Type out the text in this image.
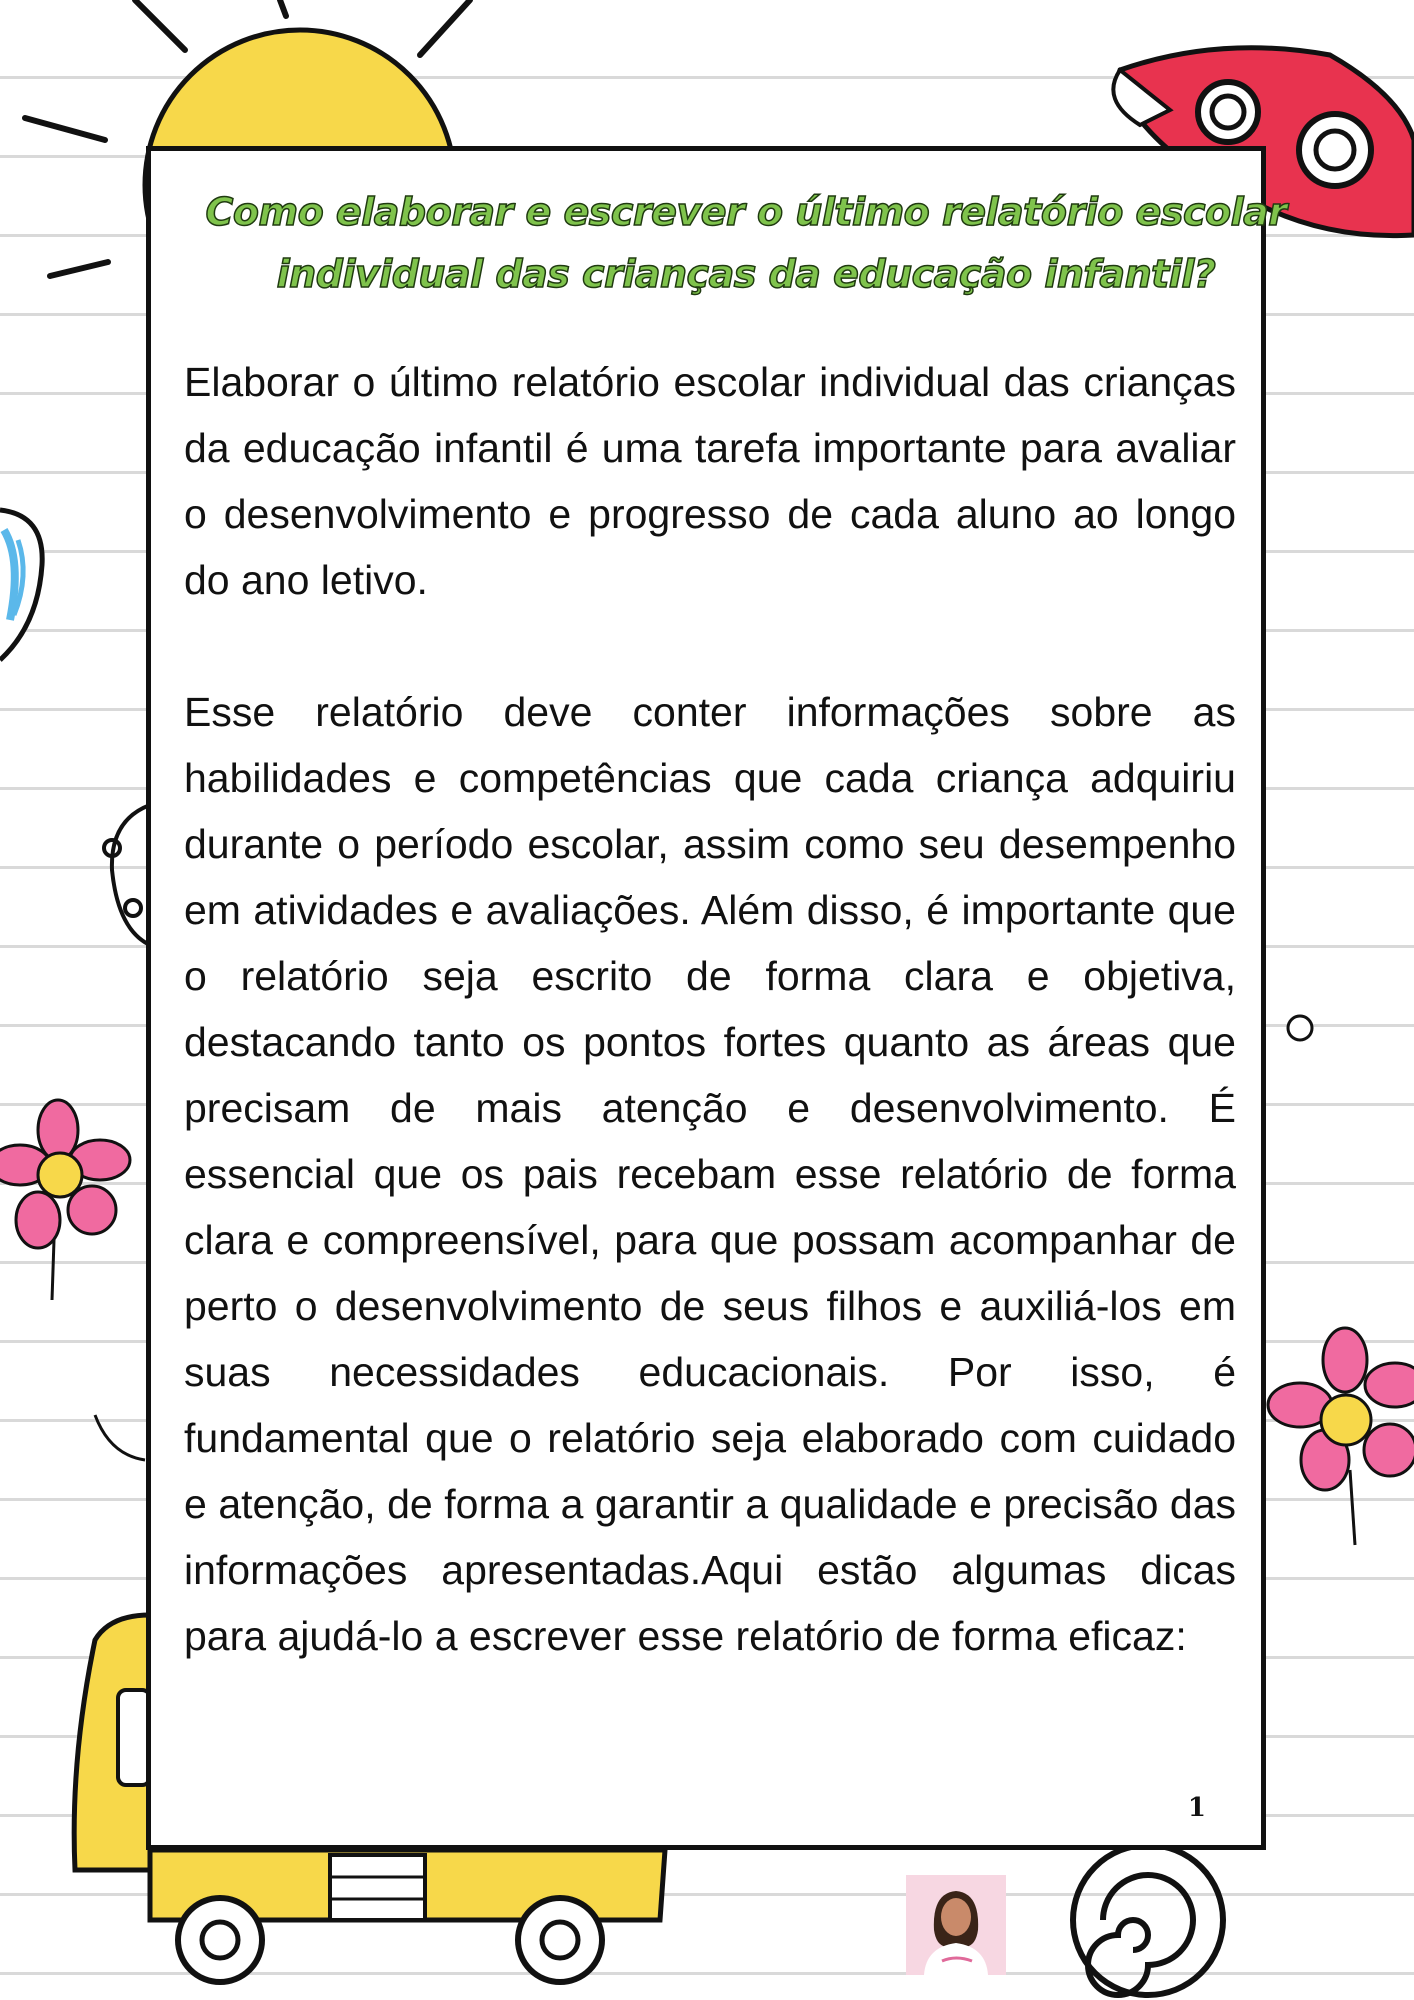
Como elaborar e escrever o último relatório escolar
individual das crianças da educação infantil?

Elaborar o último relatório escolar individual das crianças da educação infantil é uma tarefa importante para avaliar o desenvolvimento e progresso de cada aluno ao longo do ano letivo.

Esse relatório deve conter informações sobre as habilidades e competências que cada criança adquiriu durante o período escolar, assim como seu desempenho em atividades e avaliações. Além disso, é importante que o relatório seja escrito de forma clara e objetiva, destacando tanto os pontos fortes quanto as áreas que precisam de mais atenção e desenvolvimento. É essencial que os pais recebam esse relatório de forma clara e compreensível, para que possam acompanhar de perto o desenvolvimento de seus filhos e auxiliá-los em suas necessidades educacionais. Por isso, é fundamental que o relatório seja elaborado com cuidado e atenção, de forma a garantir a qualidade e precisão das informações apresentadas.Aqui estão algumas dicas para ajudá-lo a escrever esse relatório de forma eficaz:

1
